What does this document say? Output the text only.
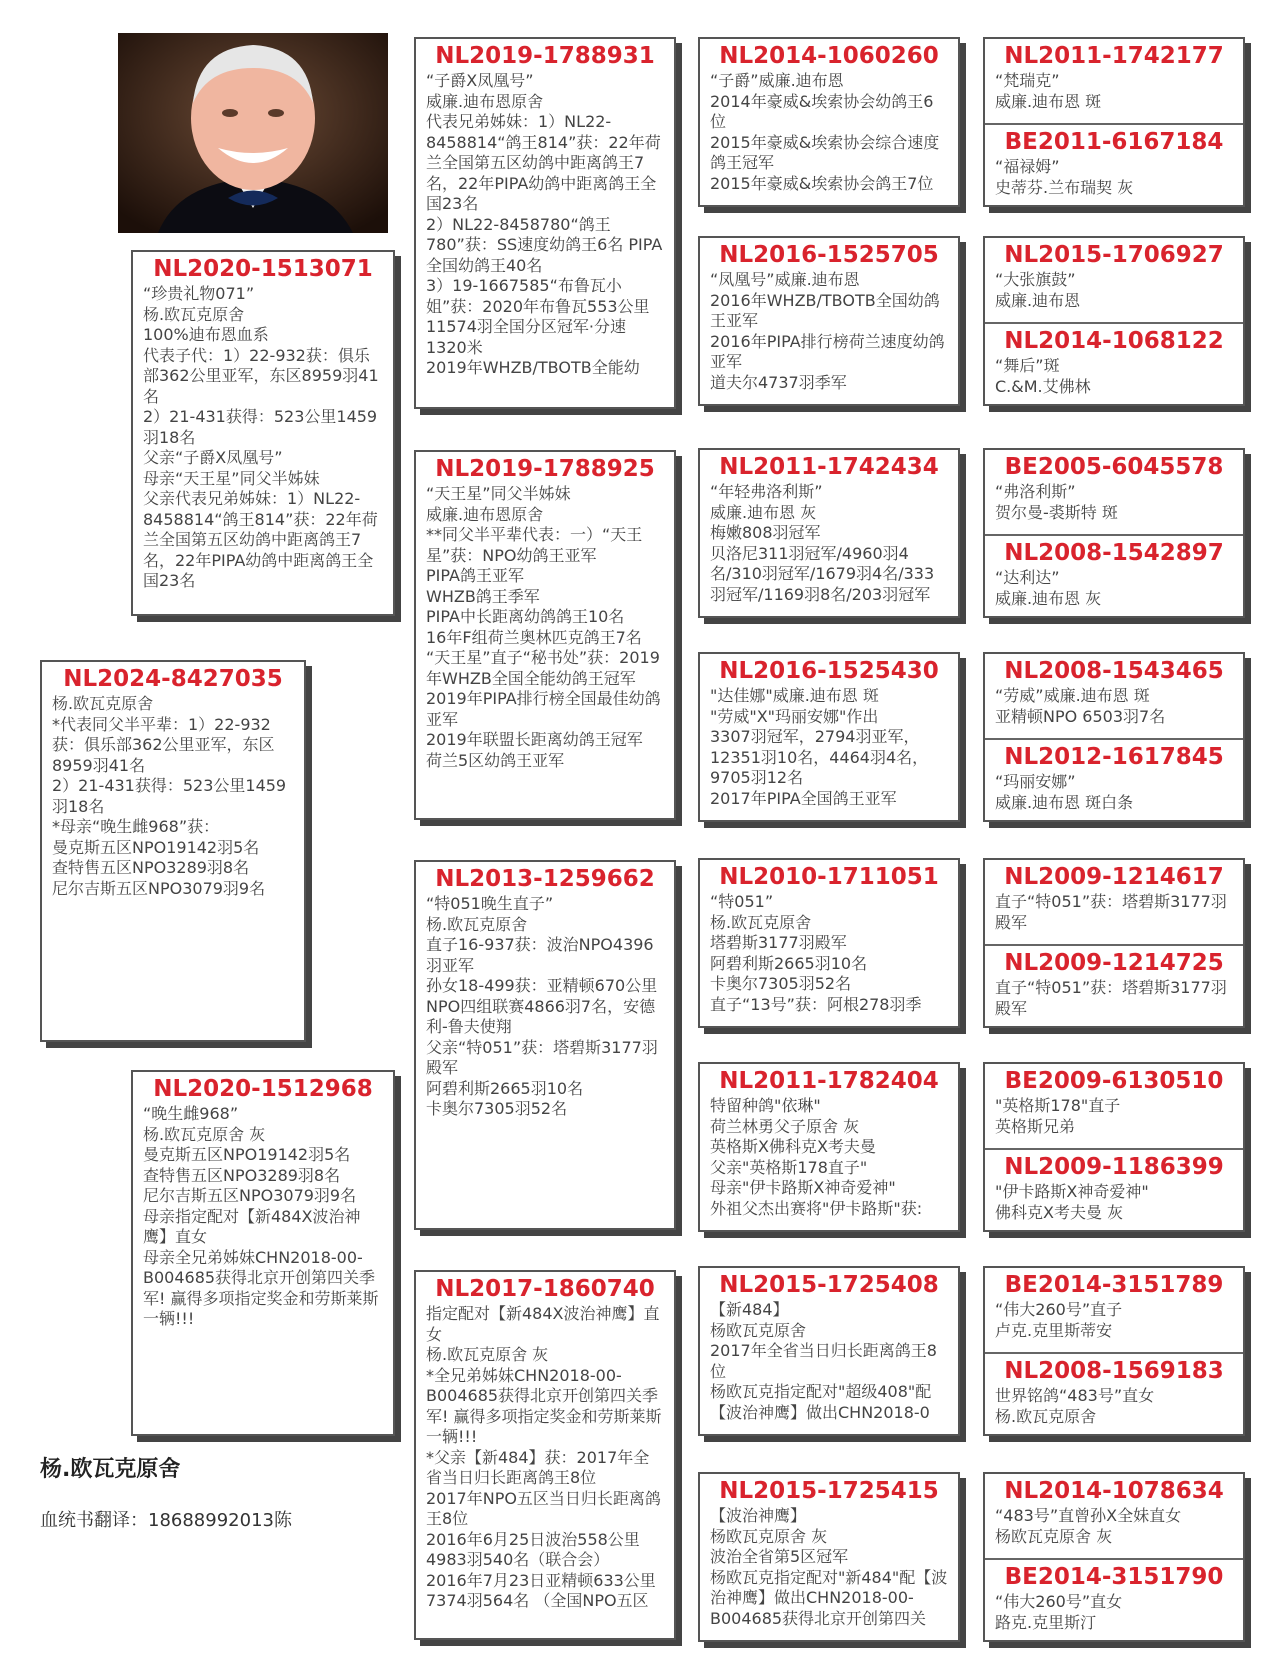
NL2024-8427035
杨.欧瓦克原舍
*代表同父半平辈：1）22-932获：俱乐部362公里亚军，东区8959羽41名
2）21-431获得：523公里1459羽18名
*母亲“晚生雌968”获：
曼克斯五区NPO19142羽5名
查特售五区NPO3289羽8名
尼尔吉斯五区NPO3079羽9名
NL2020-1513071
“珍贵礼物071”
杨.欧瓦克原舍
100%迪布恩血系
代表子代：1）22-932获：俱乐部362公里亚军，东区8959羽41名
2）21-431获得：523公里1459羽18名
父亲“子爵X凤凰号”
母亲“天王星”同父半姊妹
父亲代表兄弟姊妹：1）NL22-8458814“鸽王814”获：22年荷兰全国第五区幼鸽中距离鸽王7名，22年PIPA幼鸽中距离鸽王全国23名
NL2020-1512968
“晚生雌968”
杨.欧瓦克原舍 灰
曼克斯五区NPO19142羽5名
查特售五区NPO3289羽8名
尼尔吉斯五区NPO3079羽9名
母亲指定配对【新484X波治神鹰】直女
母亲全兄弟姊妹CHN2018-00-B004685获得北京开创第四关季军! 赢得多项指定奖金和劳斯莱斯一辆!!!
NL2019-1788931
“子爵X凤凰号”
威廉.迪布恩原舍
代表兄弟姊妹：1）NL22-8458814“鸽王814”获：22年荷兰全国第五区幼鸽中距离鸽王7名，22年PIPA幼鸽中距离鸽王全国23名
2）NL22-8458780“鸽王780”获：SS速度幼鸽王6名 PIPA全国幼鸽王40名
3）19-1667585“布鲁瓦小姐”获：2020年布鲁瓦553公里11574羽全国分区冠军·分速1320米
2019年WHZB/TBOTB全能幼
NL2019-1788925
“天王星”同父半姊妹
威廉.迪布恩原舍
**同父半平辈代表：一）“天王星”获：NPO幼鸽王亚军
PIPA鸽王亚军
WHZB鸽王季军
PIPA中长距离幼鸽鸽王10名
16年F组荷兰奥林匹克鸽王7名
“天王星”直子“秘书处”获：2019年WHZB全国全能幼鸽王冠军
2019年PIPA排行榜全国最佳幼鸽亚军
2019年联盟长距离幼鸽王冠军
荷兰5区幼鸽王亚军
NL2013-1259662
“特051晚生直子”
杨.欧瓦克原舍
直子16-937获：波治NPO4396羽亚军
孙女18-499获：亚精顿670公里NPO四组联赛4866羽7名，安德利-鲁夫使翔
父亲“特051”获：塔碧斯3177羽殿军
阿碧利斯2665羽10名
卡奥尔7305羽52名
NL2017-1860740
指定配对【新484X波治神鹰】直女
杨.欧瓦克原舍 灰
*全兄弟姊妹CHN2018-00-B004685获得北京开创第四关季军! 赢得多项指定奖金和劳斯莱斯一辆!!!
*父亲【新484】获：2017年全省当日归长距离鸽王8位
2017年NPO五区当日归长距离鸽王8位
2016年6月25日波治558公里4983羽540名（联合会）
2016年7月23日亚精顿633公里7374羽564名 （全国NPO五区
NL2014-1060260
“子爵”威廉.迪布恩
2014年豪威&埃索协会幼鸽王6位
2015年豪威&埃索协会综合速度鸽王冠军
2015年豪威&埃索协会鸽王7位
NL2016-1525705
“凤凰号”威廉.迪布恩
2016年WHZB/TBOTB全国幼鸽王亚军
2016年PIPA排行榜荷兰速度幼鸽亚军
道夫尔4737羽季军
NL2011-1742434
“年轻弗洛利斯”
威廉.迪布恩 灰
梅嫩808羽冠军
贝洛尼311羽冠军/4960羽4名/310羽冠军/1679羽4名/333羽冠军/1169羽8名/203羽冠军
NL2016-1525430
"达佳娜"威廉.迪布恩 斑
"劳威"X"玛丽安娜"作出
3307羽冠军，2794羽亚军，12351羽10名，4464羽4名，9705羽12名
2017年PIPA全国鸽王亚军
NL2010-1711051
“特051”
杨.欧瓦克原舍
塔碧斯3177羽殿军
阿碧利斯2665羽10名
卡奥尔7305羽52名
直子“13号”获：阿根278羽季
NL2011-1782404
特留种鸽"依琳"
荷兰林勇父子原舍 灰
英格斯X佛科克X考夫曼
父亲"英格斯178直子"
母亲"伊卡路斯X神奇爱神"
外祖父杰出赛将"伊卡路斯"获:
NL2015-1725408
【新484】
杨欧瓦克原舍
2017年全省当日归长距离鸽王8位
杨欧瓦克指定配对"超级408"配【波治神鹰】做出CHN2018-0
NL2015-1725415
【波治神鹰】
杨欧瓦克原舍 灰
波治全省第5区冠军
杨欧瓦克指定配对"新484"配【波治神鹰】做出CHN2018-00-B004685获得北京开创第四关
NL2011-1742177
“梵瑞克”
威廉.迪布恩 斑
BE2011-6167184
“福禄姆”
史蒂芬.兰布瑞契 灰
NL2015-1706927
“大张旗鼓”
威廉.迪布恩
NL2014-1068122
“舞后”斑
C.&M.艾佛林
BE2005-6045578
“弗洛利斯”
贺尔曼-裘斯特 斑
NL2008-1542897
“达利达”
威廉.迪布恩 灰
NL2008-1543465
“劳威”威廉.迪布恩 斑
亚精顿NPO 6503羽7名
NL2012-1617845
“玛丽安娜”
威廉.迪布恩 斑白条
NL2009-1214617
直子“特051”获：塔碧斯3177羽殿军
NL2009-1214725
直子“特051”获：塔碧斯3177羽殿军
BE2009-6130510
"英格斯178"直子
英格斯兄弟
NL2009-1186399
"伊卡路斯X神奇爱神"
佛科克X考夫曼 灰
BE2014-3151789
“伟大260号”直子
卢克.克里斯蒂安
NL2008-1569183
世界铭鸽“483号”直女
杨.欧瓦克原舍
NL2014-1078634
“483号”直曾孙X全妹直女
杨欧瓦克原舍 灰
BE2014-3151790
“伟大260号”直女
路克.克里斯汀
杨.欧瓦克原舍
血统书翻译：18688992013陈
